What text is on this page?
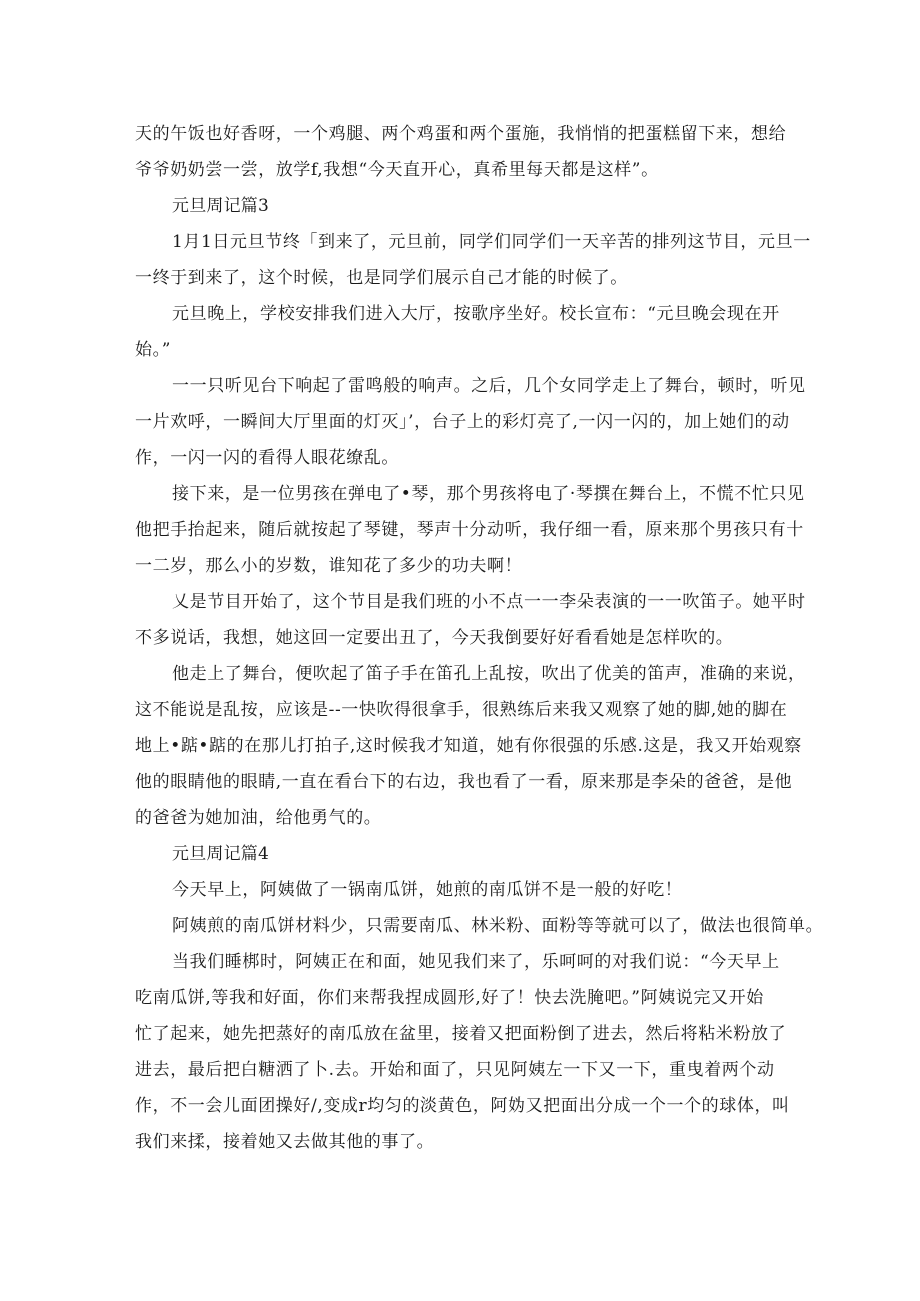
天的午饭也好香呀，一个鸡腿、两个鸡蛋和两个蛋施，我悄悄的把蛋糕留下来，想给

爷爷奶奶尝一尝，放学f,我想“今天直开心，真希里每天都是这样”。

元旦周记篇3

1月1日元旦节终「到来了，元旦前，同学们同学们一天辛苦的排列这节目，元旦一

一终于到来了，这个时候，也是同学们展示自己才能的时候了。

元旦晚上，学校安排我们进入大厅，按歌序坐好。校长宣布：“元旦晚会现在开

始。”

一一只听见台下响起了雷鸣般的响声。之后，几个女同学走上了舞台，顿时，听见

一片欢呼，一瞬间大厅里面的灯灭」’，台子上的彩灯亮了,一闪一闪的，加上她们的动

作，一闪一闪的看得人眼花缭乱。

接下来，是一位男孩在弹电了•琴，那个男孩将电了·琴撰在舞台上，不慌不忙只见

他把手抬起来，随后就按起了琴键，琴声十分动听，我仔细一看，原来那个男孩只有十

一二岁，那么小的岁数，谁知花了多少的功夫啊！

乂是节目开始了，这个节目是我们班的小不点一一李朵表演的一一吹笛子。她平时

不多说话，我想，她这回一定要出丑了，今天我倒要好好看看她是怎样吹的。

他走上了舞台，便吹起了笛子手在笛孔上乱按，吹出了优美的笛声，准确的来说，

这不能说是乱按，应该是--一快吹得很拿手，很熟练后来我又观察了她的脚,她的脚在

地上•踮•踮的在那儿打拍子,这时候我才知道，她有你很强的乐感.这是，我又开始观察

他的眼睛他的眼睛,一直在看台下的右边，我也看了一看，原来那是李朵的爸爸，是他

的爸爸为她加油，给他勇气的。

元旦周记篇4

今天早上，阿姨做了一锅南瓜饼，她煎的南瓜饼不是一般的好吃！

阿姨煎的南瓜饼材料少，只需要南瓜、林米粉、面粉等等就可以了，做法也很简单。

当我们睡梆时，阿姨正在和面，她见我们来了，乐呵呵的对我们说：“今天早上

吃南瓜饼,等我和好面，你们来帮我捏成圆形,好了！快去洗腌吧。”阿姨说完又开始

忙了起来，她先把蒸好的南瓜放在盆里，接着又把面粉倒了进去，然后将粘米粉放了

进去，最后把白糖洒了卜.去。开始和面了，只见阿姨左一下又一下，重曳着两个动

作，不一会儿面团操好/,变成r均匀的淡黄色，阿妫又把面出分成一个一个的球体，叫

我们来揉，接着她又去做其他的事了。
